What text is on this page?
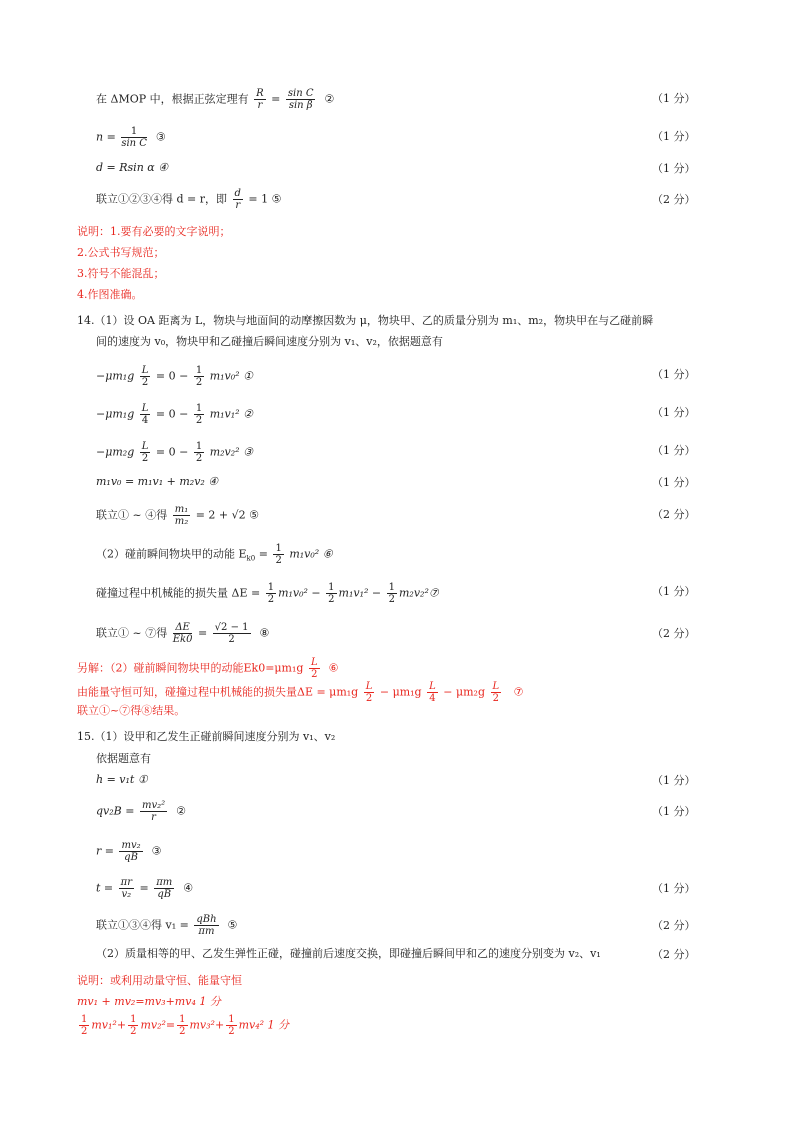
在 ΔMOP 中，根据正弦定理有 $\frac{R}{r} = \frac{\text{sin C}}{\text{sin β}}$ ②	（1 分）
$n = \frac{1}{\text{sin C}}$ ③	（1 分）
d = Rsin α ④	（1 分）
联立①②③④得 d = r，即 $\frac{d}{r} = 1$ ⑤	（2 分）
说明：1.要有必要的文字说明；
2.公式书写规范；
3.符号不能混乱；
4.作图准确。
14.（1）设 OA 距离为 L，物块与地面间的动摩擦因数为 μ，物块甲、乙的质量分别为 m₁、m₂，物块甲在与乙碰前瞬
间的速度为 v₀，物块甲和乙碰撞后瞬间速度分别为 v₁、v₂，依据题意有
$-\mu m_1g \frac{L}{2} = 0 - \frac{1}{2} m_1v_0^2$ ①	（1 分）
$-\mu m_1g \frac{L}{4} = 0 - \frac{1}{2} m_1v_1^2$ ②	（1 分）
$-\mu m_2g \frac{L}{2} = 0 - \frac{1}{2} m_2v_2^2$ ③	（1 分）
m₁v₀ = m₁v₁ + m₂v₂ ④	（1 分）
联立① ~ ④得 $\frac{\text{m₁}}{\text{m₂}} = 2 + √2$ ⑤	（2 分）
（2）碰前瞬间物块甲的动能 $E_{k0} = \frac{1}{2} m_1v_0^2$ ⑥
碰撞过程中机械能的损失量 $\Delta E = \frac{1}{2} m_1v_0^2 - \frac{1}{2} m_1v_1^2 - \frac{1}{2}$ m₂v₂²⑦	（1 分）
联立① ~ ⑦得 $\frac{\Delta E}{Ek0} = \frac{√2 - 1}{2}$ ⑧	（2 分）
另解：（2）碰前瞬间物块甲的动能$Ek0=\mu m_1g \frac{L}{2}$ ⑥
由能量守恒可知，碰撞过程中机械能的损失量$\Delta E = \mu m_1g \frac{L}{2} - \mu m_1g \frac{L}{4} - \mu m_2g \frac{L}{2}$ ⑦
联立①~⑦得⑧结果。
15.（1）设甲和乙发生正碰前瞬间速度分别为 v₁、v₂
依据题意有
h = v₁t ①	（1 分）
$qv_2B = \frac{\text{mv₂²}}{r}$ ②	（1 分）
$r = \frac{\text{mv₂}}{qB}$ ③
$t = \frac{\pi r}{\text{v₂}} = \frac{\pi m}{qB}$ ④	（1 分）
联立①③④得 $v_1 = \frac{\text{qBh}}{\pi m}$ ⑤	（2 分）
（2）质量相等的甲、乙发生弹性正碰，碰撞前后速度交换，即碰撞后瞬间甲和乙的速度分别变为 v₂、v₁	（2 分）
说明：或利用动量守恒、能量守恒
mv₁ + mv₂=mv₃+mv₄ 1 分
$\frac{1}{2} mv_1^2+ \frac{1}{2} mv_2^2= \frac{1}{2} mv_3^2+ \frac{1}{2} mv_4^2$ 1 分
